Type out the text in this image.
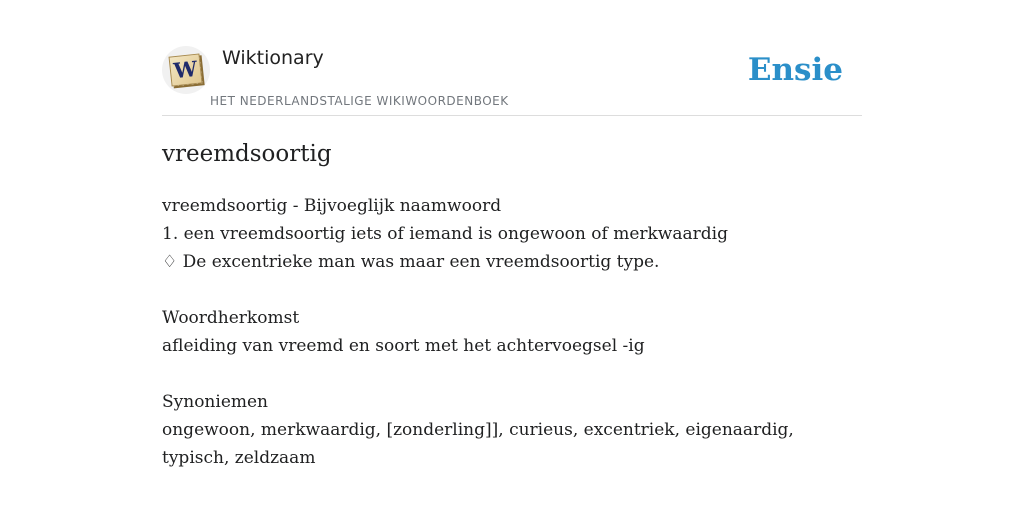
W Wiktionary
HET NEDERLANDSTALIGE WIKIWOORDENBOEK
Ensie
vreemdsoortig
vreemdsoortig - Bijvoeglijk naamwoord
1. een vreemdsoortig iets of iemand is ongewoon of merkwaardig
♢ De excentrieke man was maar een vreemdsoortig type.
Woordherkomst
afleiding van vreemd en soort met het achtervoegsel -ig
Synoniemen
ongewoon, merkwaardig, [zonderling]], curieus, excentriek, eigenaardig, typisch, zeldzaam
